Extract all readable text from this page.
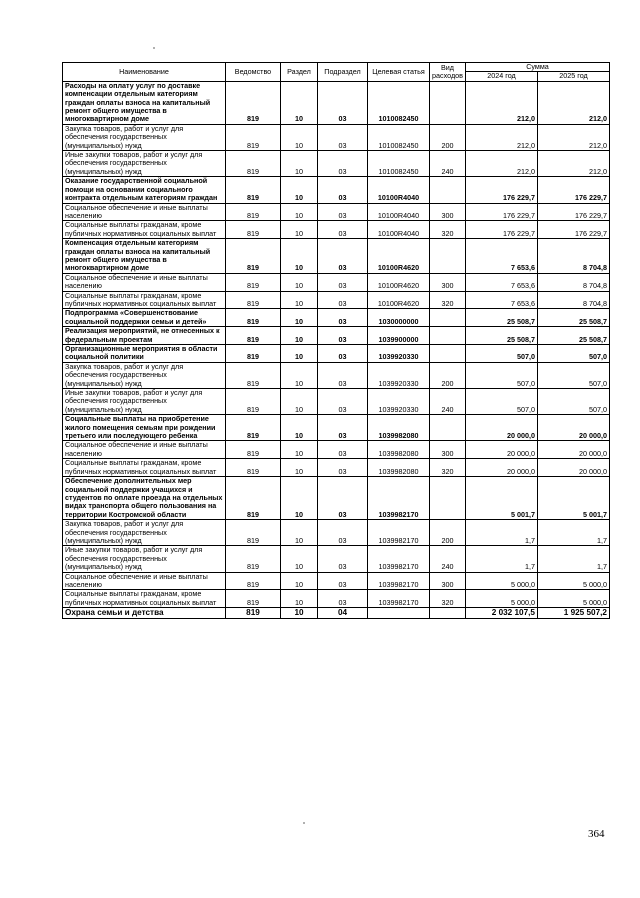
Наименование	Ведомство	Раздел	Подраздел	Целевая статья	Вид расходов	Сумма	
						2024 год	2025 год
Расходы на оплату услуг по доставке компенсации отдельным категориям граждан оплаты взноса на капитальный ремонт общего имущества в многоквартирном доме	819	10	03	1010082450		212,0	212,0
Закупка товаров, работ и услуг для обеспечения государственных (муниципальных) нужд	819	10	03	1010082450	200	212,0	212,0
Иные закупки товаров, работ и услуг для обеспечения государственных (муниципальных) нужд	819	10	03	1010082450	240	212,0	212,0
Оказание государственной социальной помощи на основании социального контракта отдельным категориям граждан	819	10	03	10100R4040		176 229,7	176 229,7
Социальное обеспечение и иные выплаты населению	819	10	03	10100R4040	300	176 229,7	176 229,7
Социальные выплаты гражданам, кроме публичных нормативных социальных выплат	819	10	03	10100R4040	320	176 229,7	176 229,7
Компенсация отдельным категориям граждан оплаты взноса на капитальный ремонт общего имущества в многоквартирном доме	819	10	03	10100R4620		7 653,6	8 704,8
Социальное обеспечение и иные выплаты населению	819	10	03	10100R4620	300	7 653,6	8 704,8
Социальные выплаты гражданам, кроме публичных нормативных социальных выплат	819	10	03	10100R4620	320	7 653,6	8 704,8
Подпрограмма «Совершенствование социальной поддержки семьи и детей»	819	10	03	1030000000		25 508,7	25 508,7
Реализация мероприятий, не отнесенных к федеральным проектам	819	10	03	1039900000		25 508,7	25 508,7
Организационные мероприятия в области социальной политики	819	10	03	1039920330		507,0	507,0
Закупка товаров, работ и услуг для обеспечения государственных (муниципальных) нужд	819	10	03	1039920330	200	507,0	507,0
Иные закупки товаров, работ и услуг для обеспечения государственных (муниципальных) нужд	819	10	03	1039920330	240	507,0	507,0
Социальные выплаты на приобретение жилого помещения семьям при рождении третьего или последующего ребенка	819	10	03	1039982080		20 000,0	20 000,0
Социальное обеспечение и иные выплаты населению	819	10	03	1039982080	300	20 000,0	20 000,0
Социальные выплаты гражданам, кроме публичных нормативных социальных выплат	819	10	03	1039982080	320	20 000,0	20 000,0
Обеспечение дополнительных мер социальной поддержки учащихся и студентов по оплате проезда на отдельных видах транспорта общего пользования на территории Костромской области	819	10	03	1039982170		5 001,7	5 001,7
Закупка товаров, работ и услуг для обеспечения государственных (муниципальных) нужд	819	10	03	1039982170	200	1,7	1,7
Иные закупки товаров, работ и услуг для обеспечения государственных (муниципальных) нужд	819	10	03	1039982170	240	1,7	1,7
Социальное обеспечение и иные выплаты населению	819	10	03	1039982170	300	5 000,0	5 000,0
Социальные выплаты гражданам, кроме публичных нормативных социальных выплат	819	10	03	1039982170	320	5 000,0	5 000,0
Охрана семьи и детства	819	10	04			2 032 107,5	1 925 507,2
364
